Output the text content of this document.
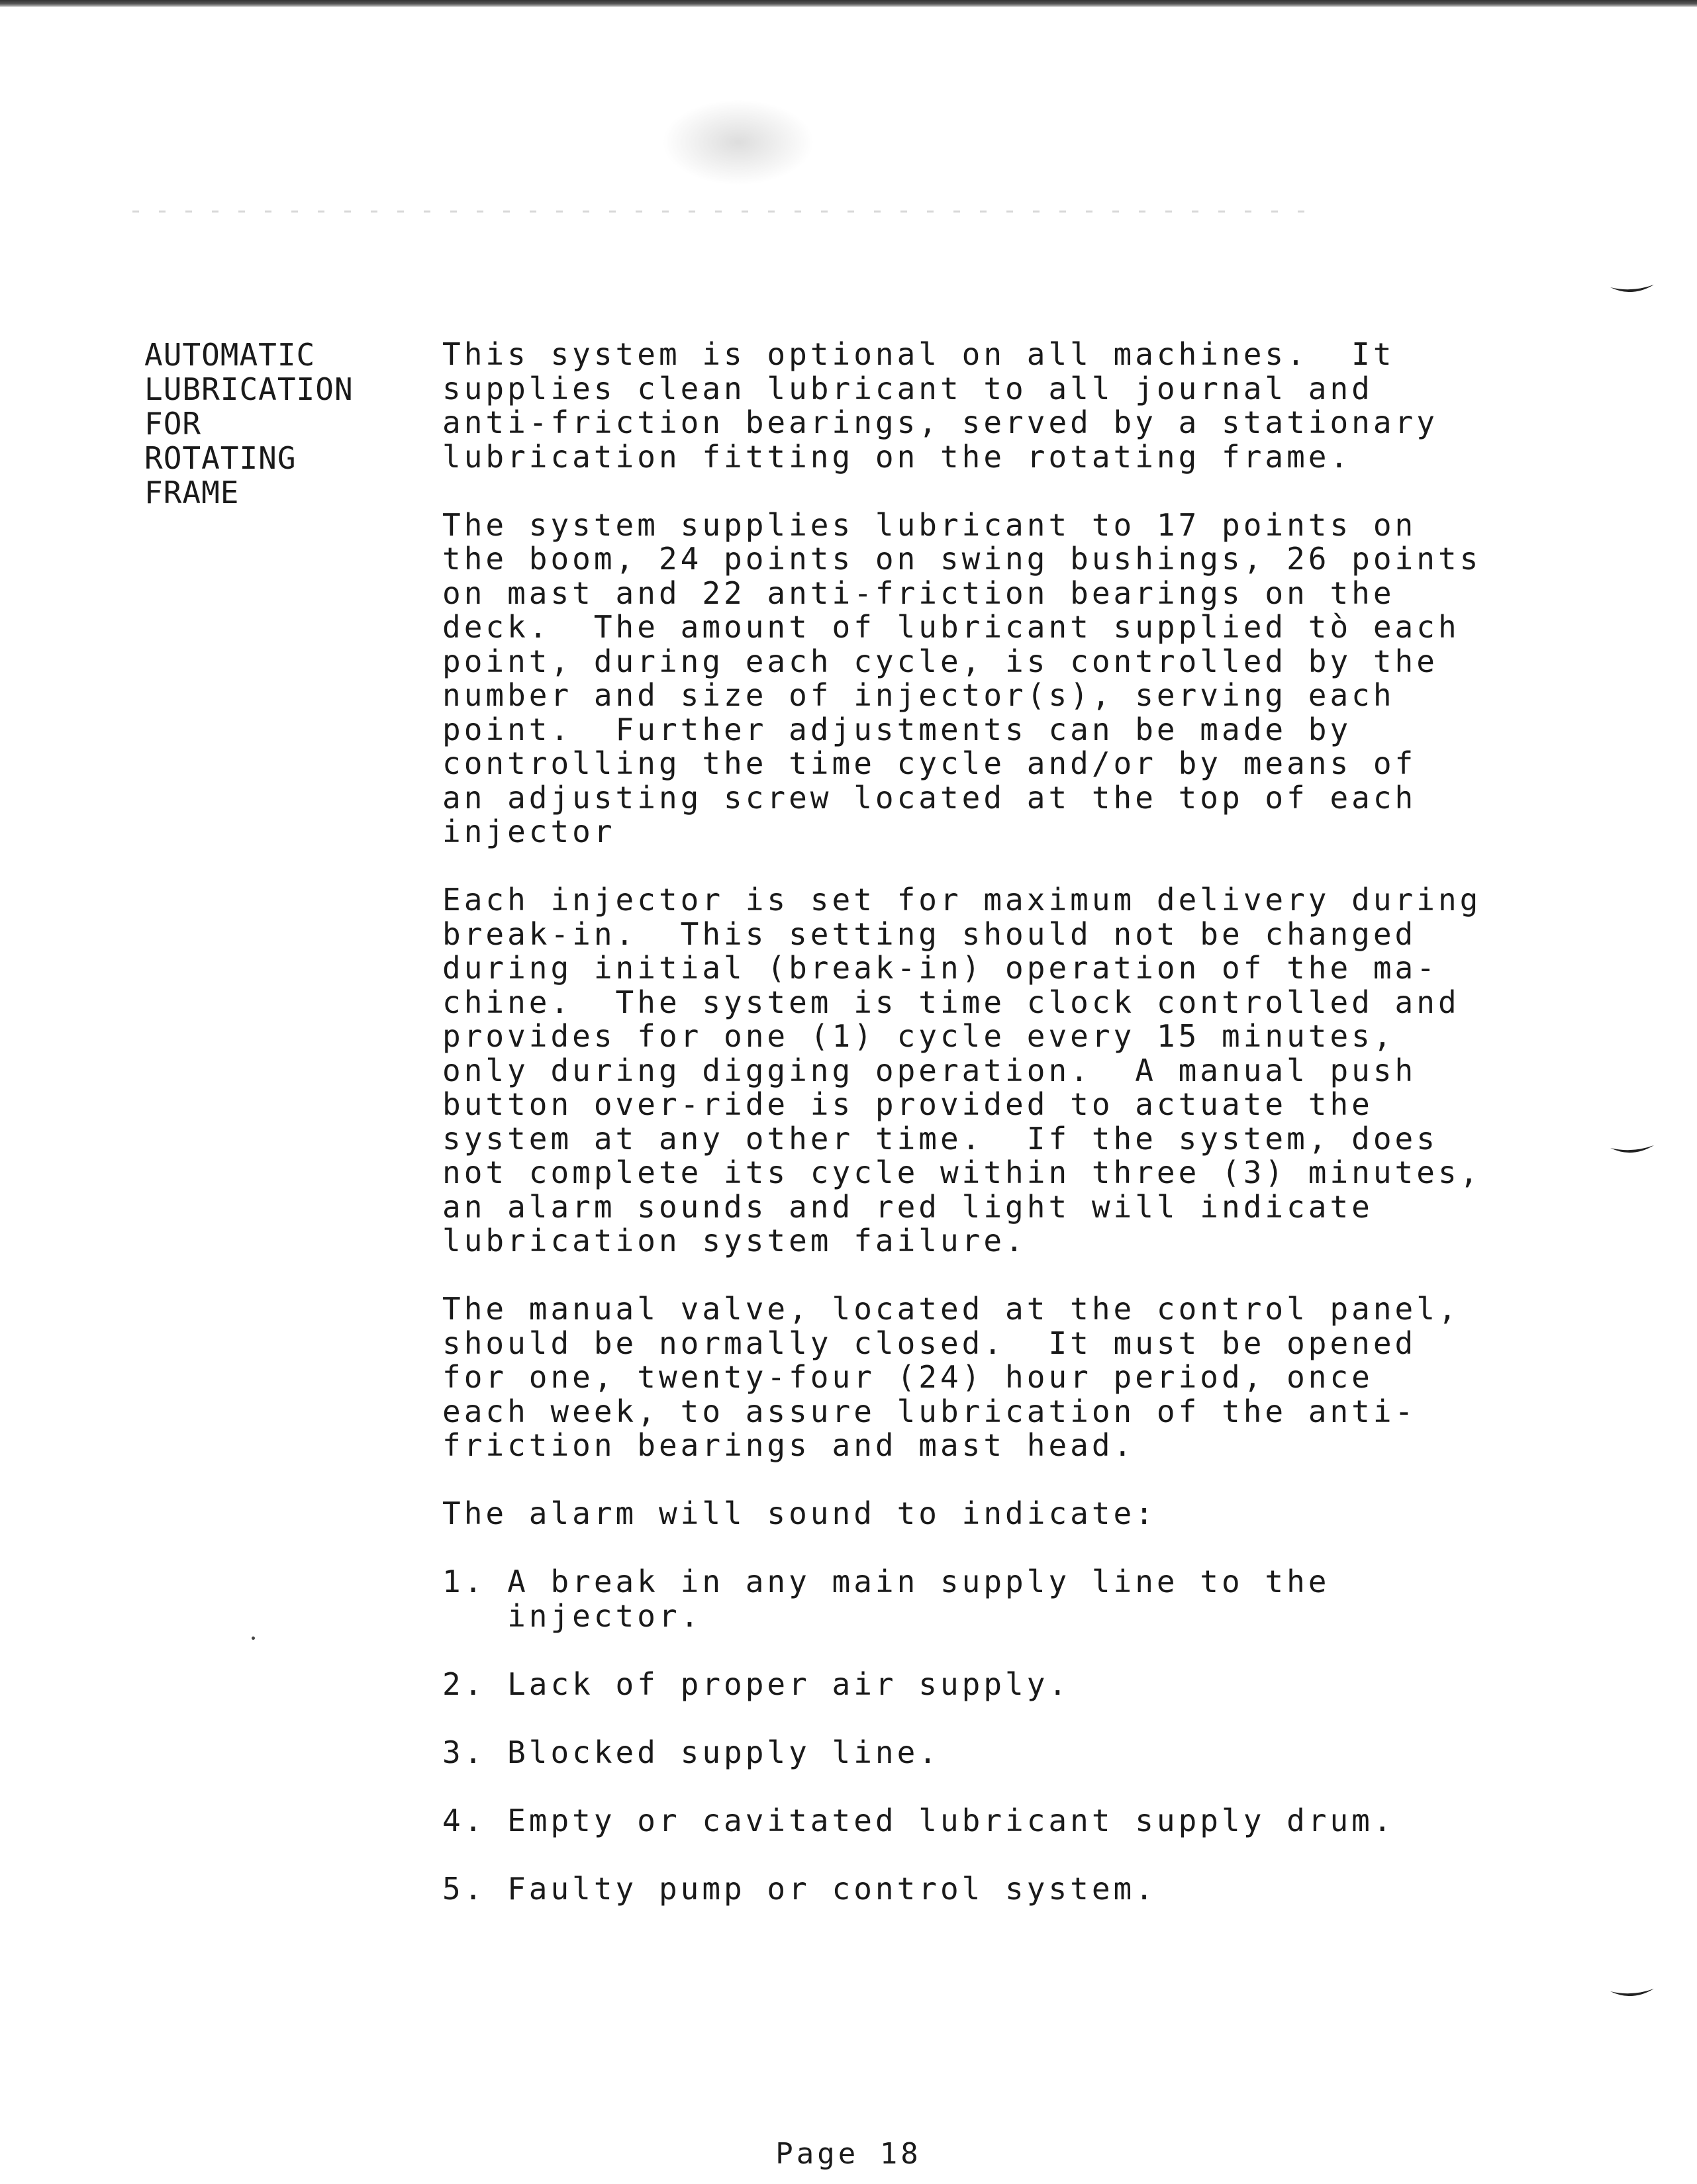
AUTOMATIC
LUBRICATION
FOR
ROTATING
FRAME

This system is optional on all machines.  It
supplies clean lubricant to all journal and
anti-friction bearings, served by a stationary
lubrication fitting on the rotating frame.

The system supplies lubricant to 17 points on
the boom, 24 points on swing bushings, 26 points
on mast and 22 anti-friction bearings on the
deck.  The amount of lubricant supplied tò each
point, during each cycle, is controlled by the
number and size of injector(s), serving each
point.  Further adjustments can be made by
controlling the time cycle and/or by means of
an adjusting screw located at the top of each
injector

Each injector is set for maximum delivery during
break-in.  This setting should not be changed
during initial (break-in) operation of the ma-
chine.  The system is time clock controlled and
provides for one (1) cycle every 15 minutes,
only during digging operation.  A manual push
button over-ride is provided to actuate the
system at any other time.  If the system, does
not complete its cycle within three (3) minutes,
an alarm sounds and red light will indicate
lubrication system failure.

The manual valve, located at the control panel,
should be normally closed.  It must be opened
for one, twenty-four (24) hour period, once
each week, to assure lubrication of the anti-
friction bearings and mast head.

The alarm will sound to indicate:

1. A break in any main supply line to the
injector.
2. Lack of proper air supply.
3. Blocked supply line.
4. Empty or cavitated lubricant supply drum.
5. Faulty pump or control system.
Page 18
